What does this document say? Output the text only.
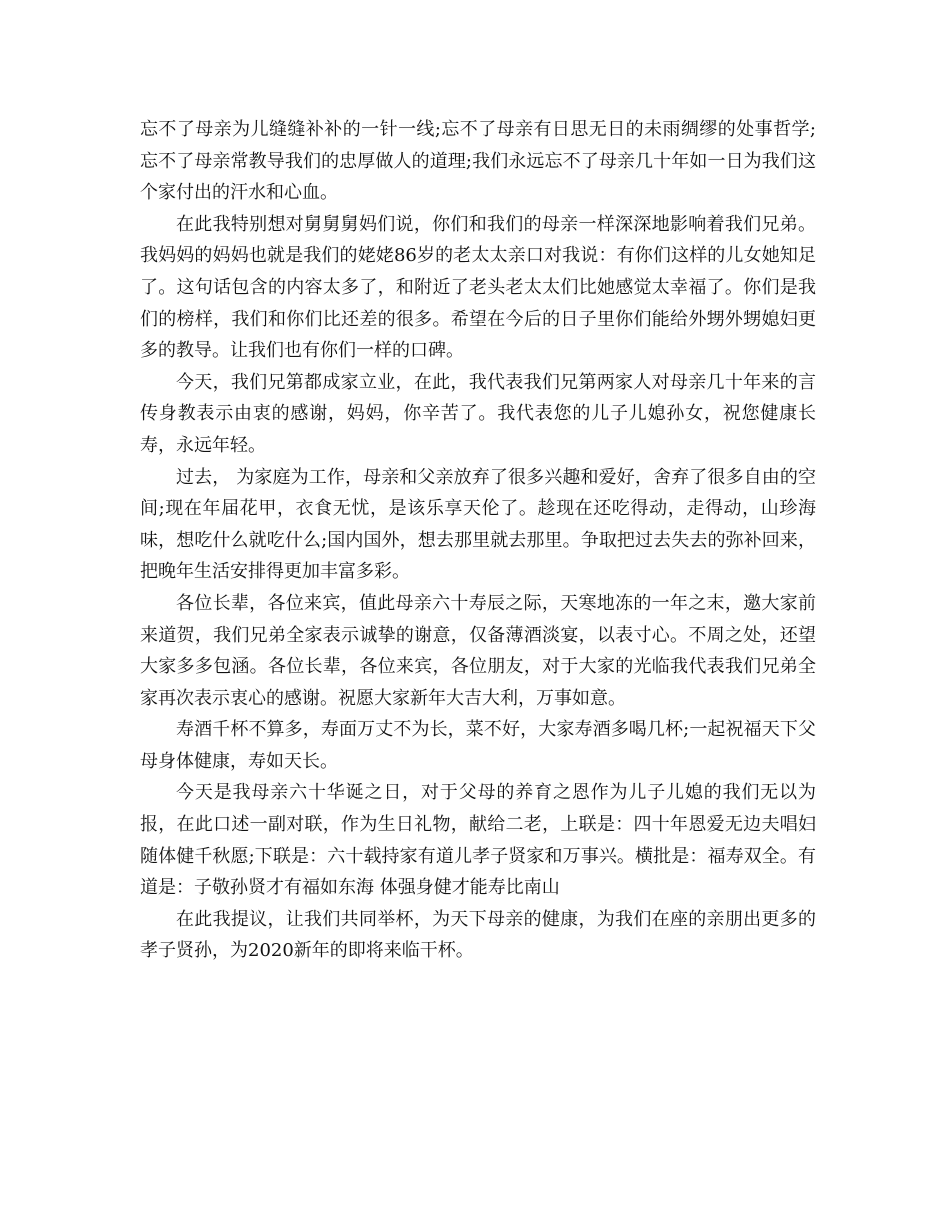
忘不了母亲为儿缝缝补补的一针一线;忘不了母亲有日思无日的未雨绸缪的处事哲学;忘不了母亲常教导我们的忠厚做人的道理;我们永远忘不了母亲几十年如一日为我们这个家付出的汗水和心血。

在此我特别想对舅舅舅妈们说，你们和我们的母亲一样深深地影响着我们兄弟。我妈妈的妈妈也就是我们的姥姥86岁的老太太亲口对我说：有你们这样的儿女她知足了。这句话包含的内容太多了，和附近了老头老太太们比她感觉太幸福了。你们是我们的榜样，我们和你们比还差的很多。希望在今后的日子里你们能给外甥外甥媳妇更多的教导。让我们也有你们一样的口碑。

今天，我们兄第都成家立业，在此，我代表我们兄第两家人对母亲几十年来的言传身教表示由衷的感谢，妈妈，你辛苦了。我代表您的儿子儿媳孙女，祝您健康长寿，永远年轻。

过去， 为家庭为工作，母亲和父亲放弃了很多兴趣和爱好，舍弃了很多自由的空间;现在年届花甲，衣食无忧，是该乐享天伦了。趁现在还吃得动，走得动，山珍海味，想吃什么就吃什么;国内国外，想去那里就去那里。争取把过去失去的弥补回来，把晚年生活安排得更加丰富多彩。

各位长辈，各位来宾，值此母亲六十寿辰之际，天寒地冻的一年之末，邀大家前来道贺，我们兄弟全家表示诚挚的谢意，仅备薄酒淡宴，以表寸心。不周之处，还望大家多多包涵。各位长辈，各位来宾，各位朋友，对于大家的光临我代表我们兄弟全家再次表示衷心的感谢。祝愿大家新年大吉大利，万事如意。

寿酒千杯不算多，寿面万丈不为长，菜不好，大家寿酒多喝几杯;一起祝福天下父母身体健康，寿如天长。

今天是我母亲六十华诞之日，对于父母的养育之恩作为儿子儿媳的我们无以为报，在此口述一副对联，作为生日礼物，献给二老，上联是：四十年恩爱无边夫唱妇随体健千秋愿;下联是：六十载持家有道儿孝子贤家和万事兴。横批是：福寿双全。有道是：子敬孙贤才有福如东海 体强身健才能寿比南山

在此我提议，让我们共同举杯，为天下母亲的健康，为我们在座的亲朋出更多的孝子贤孙，为2020新年的即将来临干杯。
